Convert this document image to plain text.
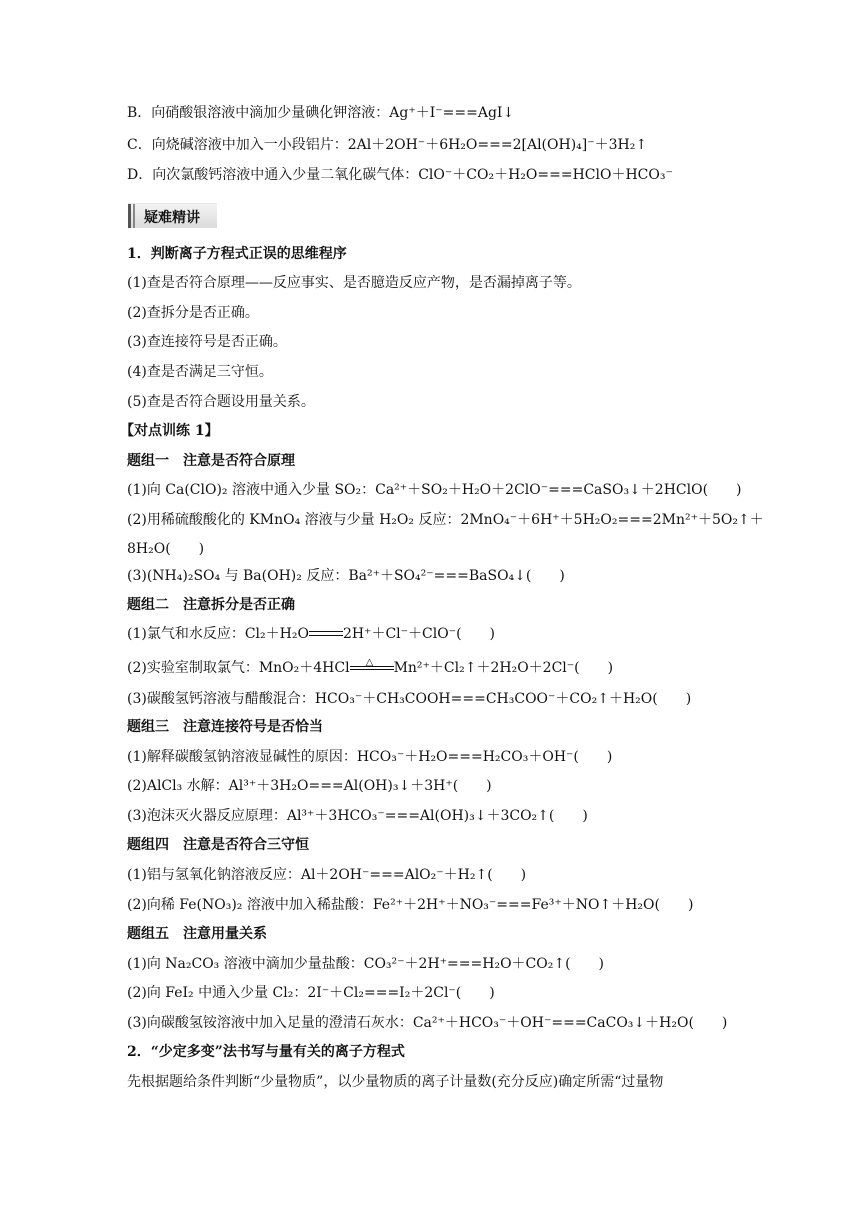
B．向硝酸银溶液中滴加少量碘化钾溶液：Ag⁺＋I⁻===AgI↓
C．向烧碱溶液中加入一小段铝片：2Al＋2OH⁻＋6H₂O===2[Al(OH)₄]⁻＋3H₂↑
D．向次氯酸钙溶液中通入少量二氧化碳气体：ClO⁻＋CO₂＋H₂O===HClO＋HCO₃⁻
疑难精讲
1．判断离子方程式正误的思维程序
(1)查是否符合原理——反应事实、是否臆造反应产物，是否漏掉离子等。
(2)查拆分是否正确。
(3)查连接符号是否正确。
(4)查是否满足三守恒。
(5)查是否符合题设用量关系。
【对点训练 1】
题组一　注意是否符合原理
(1)向 Ca(ClO)₂ 溶液中通入少量 SO₂：Ca²⁺＋SO₂＋H₂O＋2ClO⁻===CaSO₃↓＋2HClO(　　)
(2)用稀硫酸酸化的 KMnO₄ 溶液与少量 H₂O₂ 反应：2MnO₄⁻＋6H⁺＋5H₂O₂===2Mn²⁺＋5O₂↑＋
8H₂O(　　)
(3)(NH₄)₂SO₄ 与 Ba(OH)₂ 反应：Ba²⁺＋SO₄²⁻===BaSO₄↓(　　)
题组二　注意拆分是否正确
(1)氯气和水反应：Cl₂＋H₂O 2H⁺＋Cl⁻＋ClO⁻(　　)
(2)实验室制取氯气：MnO₂＋4HCl △ Mn²⁺＋Cl₂↑＋2H₂O＋2Cl⁻(　　)
(3)碳酸氢钙溶液与醋酸混合：HCO₃⁻＋CH₃COOH===CH₃COO⁻＋CO₂↑＋H₂O(　　)
题组三　注意连接符号是否恰当
(1)解释碳酸氢钠溶液显碱性的原因：HCO₃⁻＋H₂O===H₂CO₃＋OH⁻(　　)
(2)AlCl₃ 水解：Al³⁺＋3H₂O===Al(OH)₃↓＋3H⁺(　　)
(3)泡沫灭火器反应原理：Al³⁺＋3HCO₃⁻===Al(OH)₃↓＋3CO₂↑(　　)
题组四　注意是否符合三守恒
(1)铝与氢氧化钠溶液反应：Al＋2OH⁻===AlO₂⁻＋H₂↑(　　)
(2)向稀 Fe(NO₃)₂ 溶液中加入稀盐酸：Fe²⁺＋2H⁺＋NO₃⁻===Fe³⁺＋NO↑＋H₂O(　　)
题组五　注意用量关系
(1)向 Na₂CO₃ 溶液中滴加少量盐酸：CO₃²⁻＋2H⁺===H₂O＋CO₂↑(　　)
(2)向 FeI₂ 中通入少量 Cl₂：2I⁻＋Cl₂===I₂＋2Cl⁻(　　)
(3)向碳酸氢铵溶液中加入足量的澄清石灰水：Ca²⁺＋HCO₃⁻＋OH⁻===CaCO₃↓＋H₂O(　　)
2．“少定多变”法书写与量有关的离子方程式
先根据题给条件判断“少量物质”，以少量物质的离子计量数(充分反应)确定所需“过量物
